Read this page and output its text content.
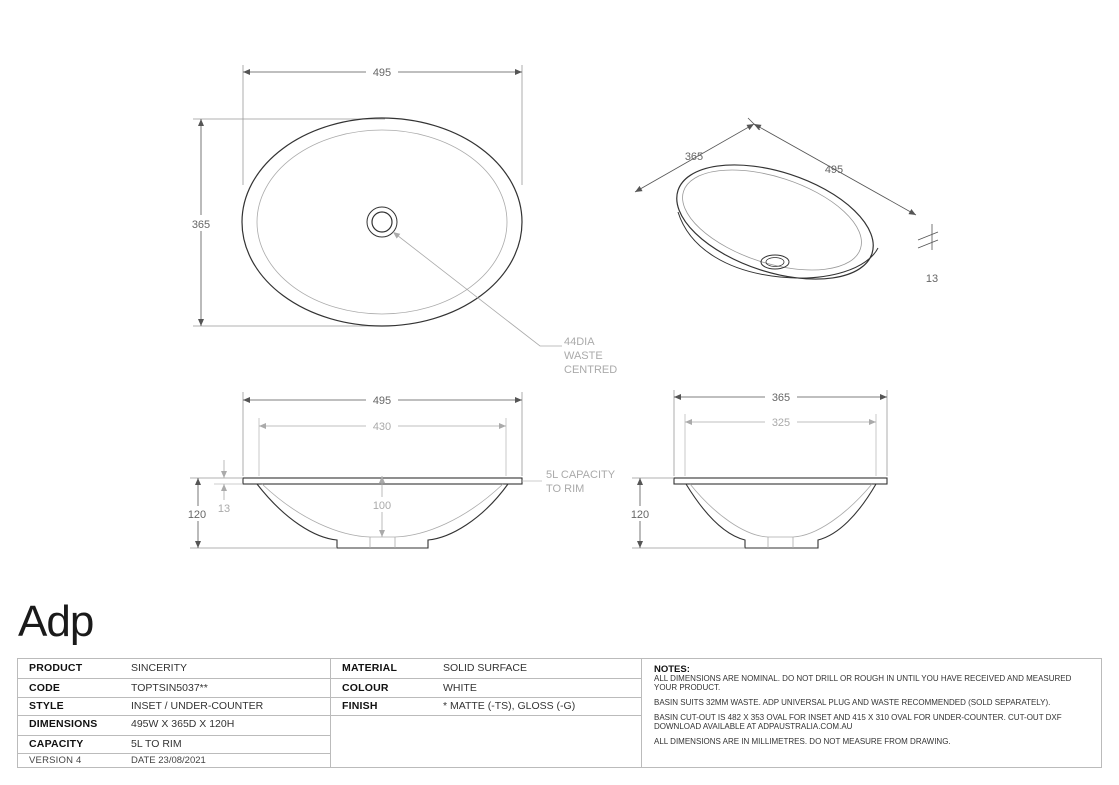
495
365
44DIA
WASTE
CENTRED
365
495
13
495
430
100
120 13
5L CAPACITY
TO RIM
365
325
120
Adp
PRODUCT	SINCERITY
CODE	TOPTSIN5037**
STYLE	INSET / UNDER-COUNTER
DIMENSIONS	495W X 365D X 120H
CAPACITY	5L TO RIM
VERSION 4	DATE 23/08/2021
MATERIAL	SOLID SURFACE
COLOUR	WHITE
FINISH	* MATTE (-TS), GLOSS (-G)
NOTES:

ALL DIMENSIONS ARE NOMINAL. DO NOT DRILL OR ROUGH IN UNTIL YOU HAVE RECEIVED AND MEASURED YOUR PRODUCT.

BASIN SUITS 32MM WASTE. ADP UNIVERSAL PLUG AND WASTE RECOMMENDED (SOLD SEPARATELY).

BASIN CUT-OUT IS 482 X 353 OVAL FOR INSET AND 415 X 310 OVAL FOR UNDER-COUNTER. CUT-OUT DXF DOWNLOAD AVAILABLE AT ADPAUSTRALIA.COM.AU

ALL DIMENSIONS ARE IN MILLIMETRES. DO NOT MEASURE FROM DRAWING.
